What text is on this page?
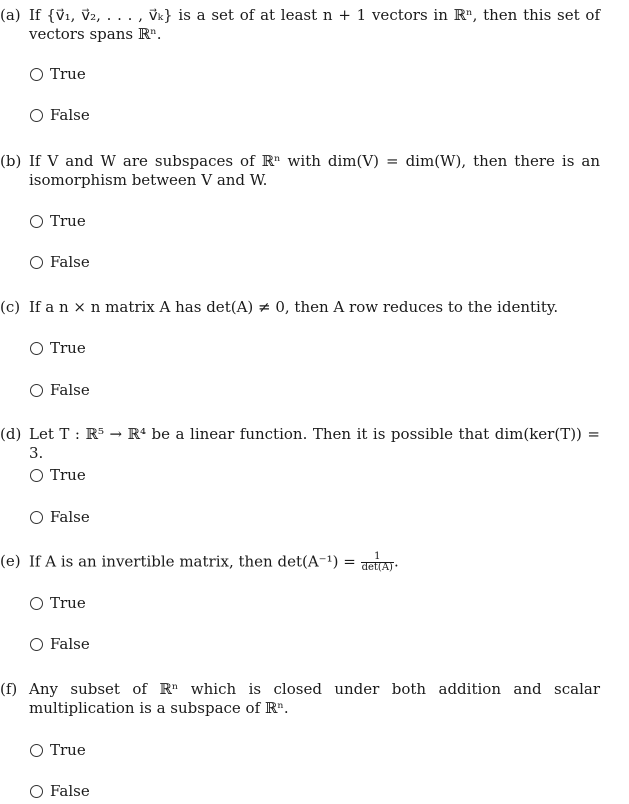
(a) If {v⃗₁, v⃗₂, . . . , v⃗ₖ} is a set of at least n + 1 vectors in ℝⁿ, then this set of vectors spans ℝⁿ.
True
False
(b) If V and W are subspaces of ℝⁿ with dim(V) = dim(W), then there is an isomorphism between V and W.
True
False
(c) If a n × n matrix A has det(A) ≠ 0, then A row reduces to the identity.
True
False
(d) Let T : ℝ⁵ → ℝ⁴ be a linear function. Then it is possible that dim(ker(T)) = 3.
True
False
(e) If A is an invertible matrix, then $\det(A^{-1}) = \frac{1}{\det(A)}$ .
True
False
(f) Any subset of ℝⁿ which is closed under both addition and scalar multiplication is a subspace of ℝⁿ.
True
False
